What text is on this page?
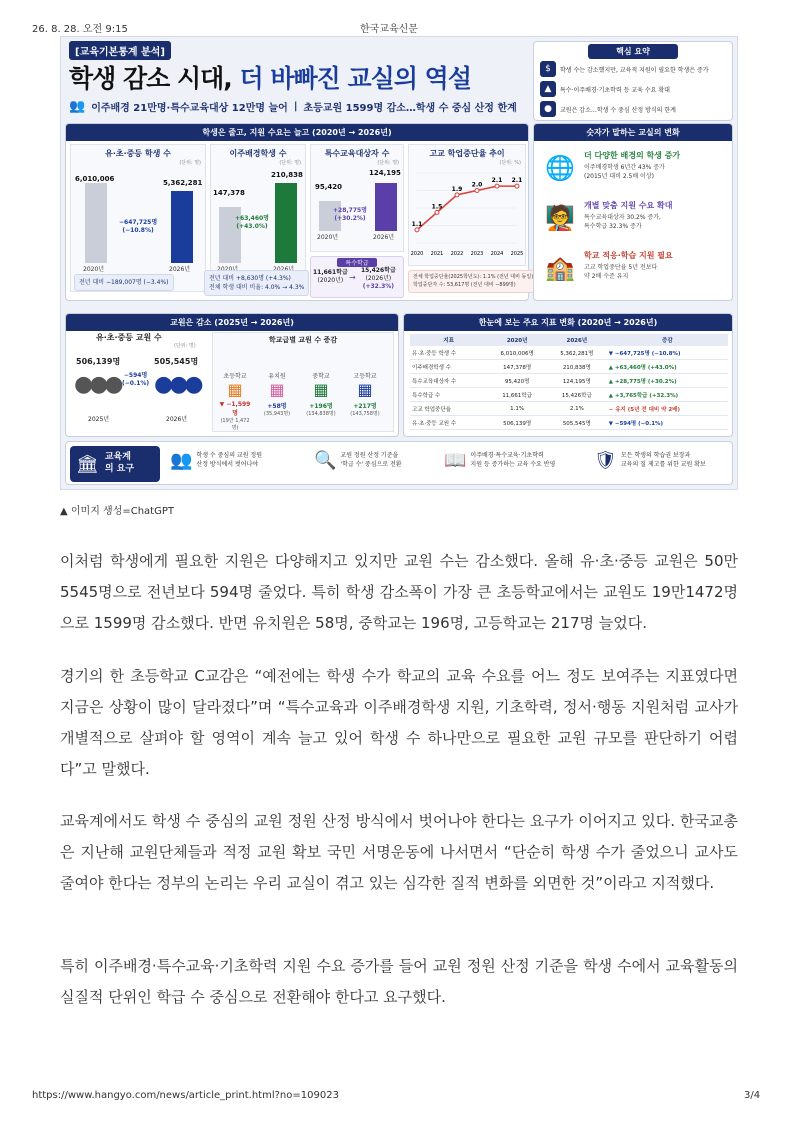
26. 8. 28. 오전 9:15	한국교육신문
[교육기본통계 분석]
학생 감소 시대, 더 바빠진 교실의 역설
👥 이주배경 21만명·특수교육대상 12만명 늘어 | 초등교원 1599명 감소…학생 수 중심 산정 한계
핵심 요약
$	학생 수는 감소했지만, 교육적 지원이 필요한 학생은 증가
▲	특수·이주배경·기초학력 등 교육 수요 확대
●	교원은 감소…학생 수 중심 산정 방식의 한계
학생은 줄고, 지원 수요는 늘고 (2020년 → 2026년)
유·초·중등 학생 수
(단위: 명)
6,010,006	5,362,281
−647,725명
(−10.8%)
2020년	2026년
전년 대비 −189,007명 (−3.4%)
이주배경학생 수
(단위: 명)
147,378
210,838
+63,460명
(+43.0%)
전년 대비 +8,630명 (+4.3%)
전체 학생 대비 비율: 4.0% → 4.3%
특수교육대상자 수
(단위: 명)
95,420
124,195
+28,775명
(+30.2%)
2020년	2026년
특수학급
11,661학급
(2020년) →
15,426학급
(2026년)
(+32.3%)
고교 학업중단율 추이
(단위: %)
1.1
2020
1.5
2021
1.9
2022
2.0
2023
2.1
2024
2.1
2025
전체 학업중단율(2025학년도): 1.1% (전년 대비 동일)
학업중단자 수: 53,617명 (전년 대비 −899명)
숫자가 말하는 교실의 변화
🌐	더 다양한 배경의 학생 증가
이주배경학생 6년간 43% 증가
(2015년 대비 2.5배 이상)
🧑‍🏫	개별 맞춤 지원 수요 확대
특수교육대상자 30.2% 증가,
특수학급 32.3% 증가
🏫	학교 적응·학습 지원 필요
고교 학업중단율 5년 전보다
약 2배 수준 유지
교원은 감소 (2025년 → 2026년)
유·초·중등 교원 수
(단위: 명)
506,139명	505,545명
●●● ●●●
−594명
(−0.1%)
2025년	2026년
학교급별 교원 수 증감
초등학교
▦
▼ −1,599명
(19만 1,472명)
유치원
▦
+58명
(35,943명)
중학교
▦
+196명
(134,838명)
고등학교
▦
+217명
(143,758명)
한눈에 보는 주요 지표 변화 (2020년 → 2026년)
지표	2020년	2026년	증감
유·초·중등 학생 수	6,010,006명	5,362,281명	▼ −647,725명 (−10.8%)
이주배경학생 수	147,378명	210,838명	▲ +63,460명 (+43.0%)
특수교육대상자 수	95,420명	124,195명	▲ +28,775명 (+30.2%)
특수학급 수	11,661학급	15,426학급	▲ +3,765학급 (+32.3%)
고교 학업중단율	1.1%	2.1%	− 유지 (5년 전 대비 약 2배)
유·초·중등 교원 수	506,139명	505,545명	▼ −594명 (−0.1%)
🏛 교육계
의 요구 👥 학생 수 중심의 교원 정원
산정 방식에서 벗어나야	🔍 교원 정원 산정 기준을
'학급 수' 중심으로 전환 📖 이주배경·특수교육·기초학력
지원 등 증가하는 교육 수요 반영 🛡 모든 학생의 학습권 보장과
교육의 질 제고를 위한 교원 확보
▲ 이미지 생성=ChatGPT

이처럼 학생에게 필요한 지원은 다양해지고 있지만 교원 수는 감소했다. 올해 유·초·중등 교원은 50만5545명으로 전년보다 594명 줄었다. 특히 학생 감소폭이 가장 큰 초등학교에서는 교원도 19만1472명으로 1599명 감소했다. 반면 유치원은 58명, 중학교는 196명, 고등학교는 217명 늘었다.

경기의 한 초등학교 C교감은 “예전에는 학생 수가 학교의 교육 수요를 어느 정도 보여주는 지표였다면 지금은 상황이 많이 달라졌다”며 “특수교육과 이주배경학생 지원, 기초학력, 정서·행동 지원처럼 교사가 개별적으로 살펴야 할 영역이 계속 늘고 있어 학생 수 하나만으로 필요한 교원 규모를 판단하기 어렵다”고 말했다.

교육계에서도 학생 수 중심의 교원 정원 산정 방식에서 벗어나야 한다는 요구가 이어지고 있다. 한국교총은 지난해 교원단체들과 적정 교원 확보 국민 서명운동에 나서면서 “단순히 학생 수가 줄었으니 교사도 줄여야 한다는 정부의 논리는 우리 교실이 겪고 있는 심각한 질적 변화를 외면한 것”이라고 지적했다.

특히 이주배경·특수교육·기초학력 지원 수요 증가를 들어 교원 정원 산정 기준을 학생 수에서 교육활동의 실질적 단위인 학급 수 중심으로 전환해야 한다고 요구했다.

https://www.hangyo.com/news/article_print.html?no=109023	3/4
